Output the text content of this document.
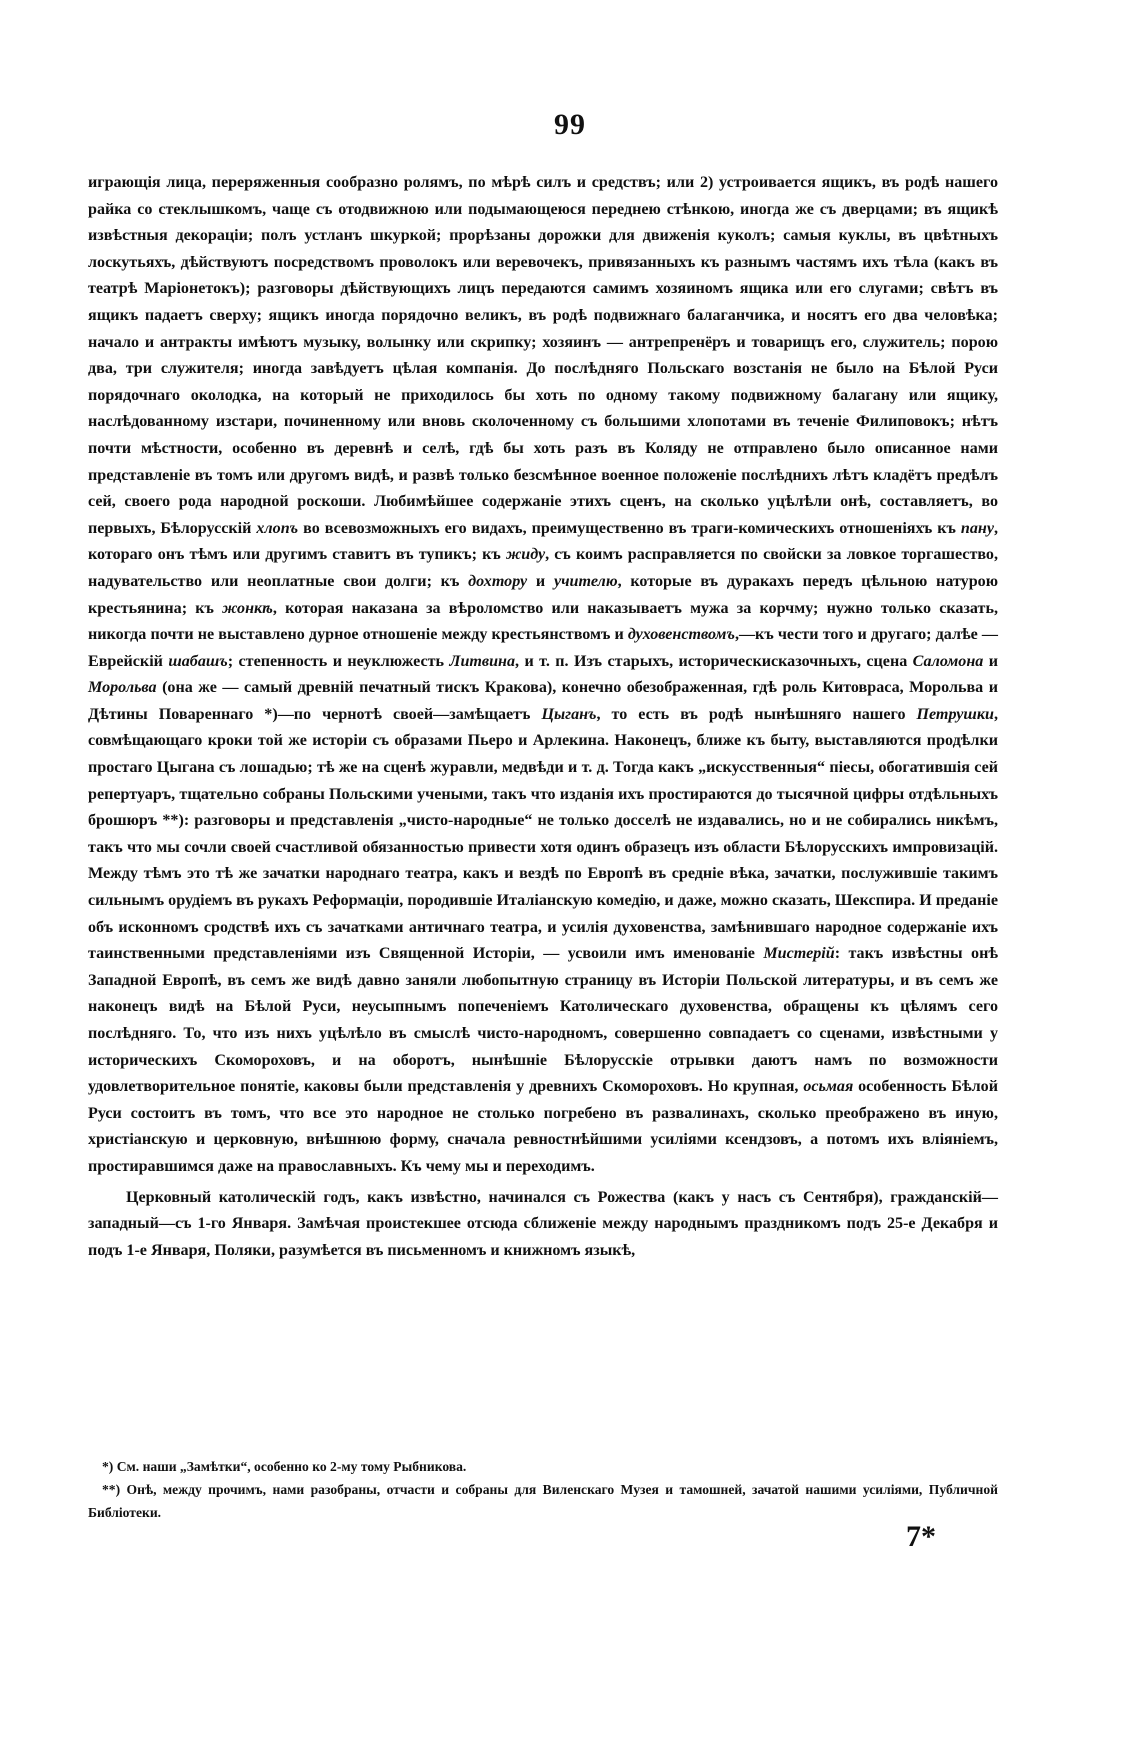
99

играющія лица, переряженныя сообразно ролямъ, по мѣрѣ силъ и средствъ; или 2) устроивается ящикъ, въ родѣ нашего райка со стеклышкомъ, чаще съ отодвижною или подымающеюся переднею стѣнкою, иногда же съ дверцами; въ ящикѣ извѣстныя декораціи; полъ устланъ шкуркой; прорѣзаны дорожки для движенія куколъ; самыя куклы, въ цвѣтныхъ лоскутьяхъ, дѣйствуютъ посредствомъ проволокъ или веревочекъ, привязанныхъ къ разнымъ частямъ ихъ тѣла (какъ въ театрѣ Маріонетокъ); разговоры дѣйствующихъ лицъ передаются самимъ хозяиномъ ящика или его слугами; свѣтъ въ ящикъ падаетъ сверху; ящикъ иногда порядочно великъ, въ родѣ подвижнаго балаганчика, и носятъ его два человѣка; начало и антракты имѣютъ музыку, волынку или скрипку; хозяинъ — антрепренёръ и товарищъ его, служитель; порою два, три служителя; иногда завѣдуетъ цѣлая компанія. До послѣдняго Польскаго возстанія не было на Бѣлой Руси порядочнаго околодка, на который не приходилось бы хоть по одному такому подвижному балагану или ящику, наслѣдованному изстари, починенному или вновь сколоченному съ большими хлопотами въ теченіе Филиповокъ; нѣтъ почти мѣстности, особенно въ деревнѣ и селѣ, гдѣ бы хоть разъ въ Коляду не отправлено было описанное нами представленіе въ томъ или другомъ видѣ, и развѣ только безсмѣнное военное положеніе послѣднихъ лѣтъ кладётъ предѣлъ сей, своего рода народной роскоши. Любимѣйшее содержаніе этихъ сценъ, на сколько уцѣлѣли онѣ, составляетъ, во первыхъ, Бѣлорусскій хлопъ во всевозможныхъ его видахъ, преимущественно въ траги-комическихъ отношеніяхъ къ пану, котораго онъ тѣмъ или другимъ ставитъ въ тупикъ; къ жиду, съ коимъ расправляется по свойски за ловкое торгашество, надувательство или неоплатные свои долги; къ дохтору и учителю, которые въ дуракахъ передъ цѣльною натурою крестьянина; къ жонкѣ, которая наказана за вѣроломство или наказываетъ мужа за корчму; нужно только сказать, никогда почти не выставлено дурное отношеніе между крестьянствомъ и духовенствомъ,—къ чести того и другаго; далѣе — Еврейскій шабашъ; степенность и неуклюжесть Литвина, и т. п. Изъ старыхъ, историческисказочныхъ, сцена Саломона и Морольва (она же — самый древній печатный тискъ Кракова), конечно обезображенная, гдѣ роль Китовраса, Морольва и Дѣтины Повареннаго *)—по чернотѣ своей—замѣщаетъ Цыганъ, то есть въ родѣ нынѣшняго нашего Петрушки, совмѣщающаго кроки той же исторіи съ образами Пьеро и Арлекина. Наконецъ, ближе къ быту, выставляются продѣлки простаго Цыгана съ лошадью; тѣ же на сценѣ журавли, медвѣди и т. д. Тогда какъ „искусственныя“ піесы, обогатившія сей репертуаръ, тщательно собраны Польскими учеными, такъ что изданія ихъ простираются до тысячной цифры отдѣльныхъ брошюръ **): разговоры и представленія „чисто-народные“ не только досселѣ не издавались, но и не собирались никѣмъ, такъ что мы сочли своей счастливой обязанностью привести хотя одинъ образецъ изъ области Бѣлорусскихъ импровизацій. Между тѣмъ это тѣ же зачатки народнаго театра, какъ и вездѣ по Европѣ въ средніе вѣка, зачатки, послужившіе такимъ сильнымъ орудіемъ въ рукахъ Реформаціи, породившіе Италіанскую комедію, и даже, можно сказать, Шекспира. И преданіе объ исконномъ сродствѣ ихъ съ зачатками античнаго театра, и усилія духовенства, замѣнившаго народное содержаніе ихъ таинственными представленіями изъ Священной Исторіи, — усвоили имъ именованіе Мистерій: такъ извѣстны онѣ Западной Европѣ, въ семъ же видѣ давно заняли любопытную страницу въ Исторіи Польской литературы, и въ семъ же наконецъ видѣ на Бѣлой Руси, неусыпнымъ попеченіемъ Католическаго духовенства, обращены къ цѣлямъ сего послѣдняго. То, что изъ нихъ уцѣлѣло въ смыслѣ чисто-народномъ, совершенно совпадаетъ со сценами, извѣстными у историческихъ Скомороховъ, и на оборотъ, нынѣшніе Бѣлорусскіе отрывки даютъ намъ по возможности удовлетворительное понятіе, каковы были представленія у древнихъ Скомороховъ. Но крупная, осьмая особенность Бѣлой Руси состоитъ въ томъ, что все это народное не столько погребено въ развалинахъ, сколько преображено въ иную, христіанскую и церковную, внѣшнюю форму, сначала ревностнѣйшими усиліями ксендзовъ, а потомъ ихъ вліяніемъ, простиравшимся даже на православныхъ. Къ чему мы и переходимъ.

Церковный католическій годъ, какъ извѣстно, начинался съ Рожества (какъ у насъ съ Сентября), гражданскій—западный—съ 1-го Января. Замѣчая проистекшее отсюда сближеніе между народнымъ праздникомъ подъ 25-е Декабря и подъ 1-е Января, Поляки, разумѣется въ письменномъ и книжномъ языкѣ,

*) См. наши „Замѣтки“, особенно ко 2-му тому Рыбникова.

**) Онѣ, между прочимъ, нами разобраны, отчасти и собраны для Виленскаго Музея и тамошней, зачатой нашими усиліями, Публичной Библіотеки.

7*
